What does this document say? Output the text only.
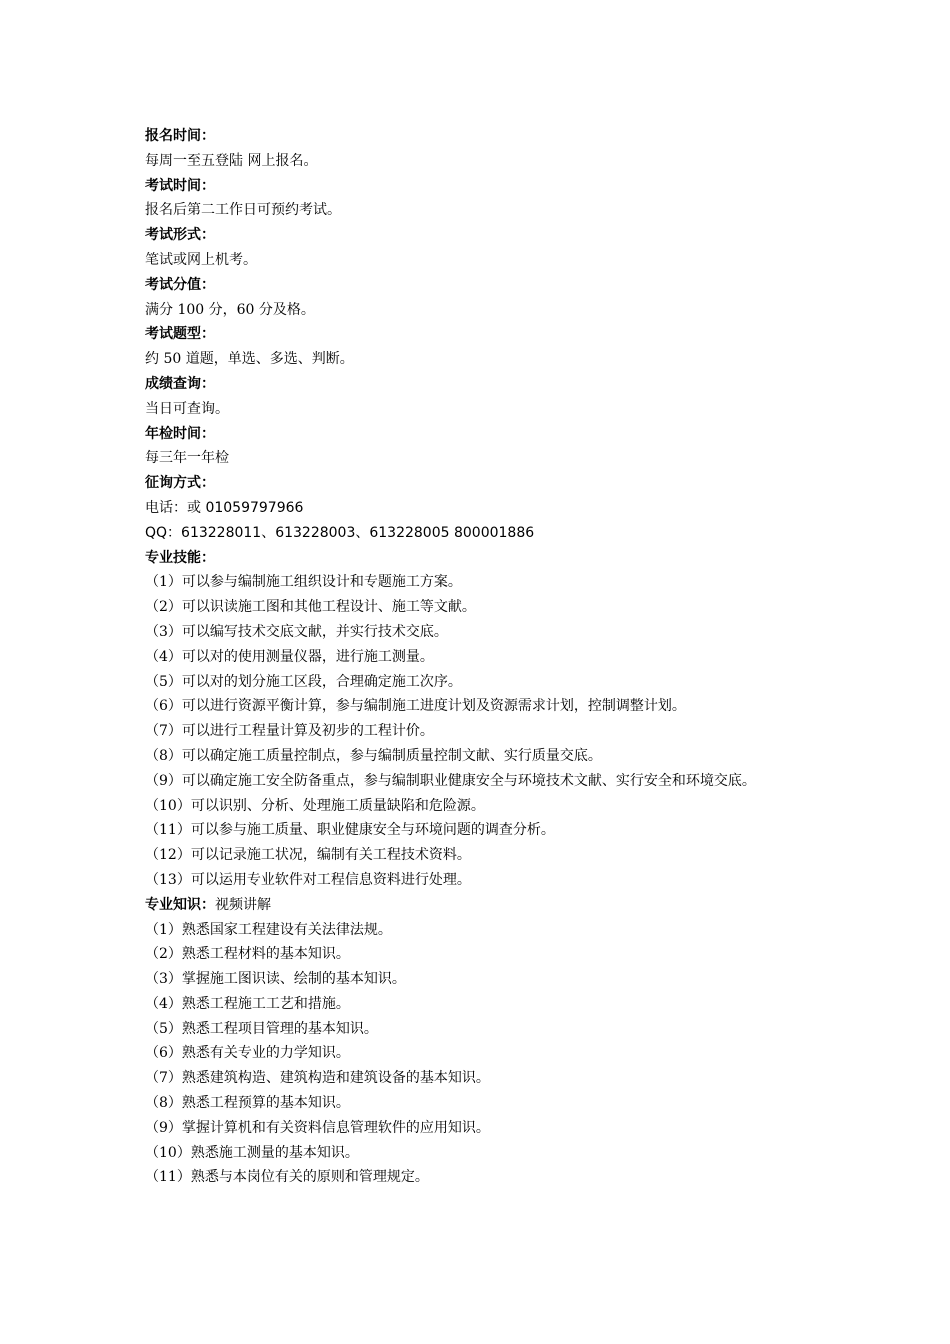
报名时间：
每周一至五登陆 网上报名。
考试时间：
报名后第二工作日可预约考试。
考试形式：
笔试或网上机考。
考试分值：
满分 100 分，60 分及格。
考试题型：
约 50 道题，单选、多选、判断。
成绩查询：
当日可查询。
年检时间：
每三年一年检
征询方式：
电话：或 01059797966
QQ：613228011、613228003、613228005 800001886
专业技能：
（1）可以参与编制施工组织设计和专题施工方案。
（2）可以识读施工图和其他工程设计、施工等文献。
（3）可以编写技术交底文献，并实行技术交底。
（4）可以对的使用测量仪器，进行施工测量。
（5）可以对的划分施工区段，合理确定施工次序。
（6）可以进行资源平衡计算，参与编制施工进度计划及资源需求计划，控制调整计划。
（7）可以进行工程量计算及初步的工程计价。
（8）可以确定施工质量控制点，参与编制质量控制文献、实行质量交底。
（9）可以确定施工安全防备重点，参与编制职业健康安全与环境技术文献、实行安全和环境交底。
（10）可以识别、分析、处理施工质量缺陷和危险源。
（11）可以参与施工质量、职业健康安全与环境问题的调查分析。
（12）可以记录施工状况，编制有关工程技术资料。
（13）可以运用专业软件对工程信息资料进行处理。
专业知识：视频讲解
（1）熟悉国家工程建设有关法律法规。
（2）熟悉工程材料的基本知识。
（3）掌握施工图识读、绘制的基本知识。
（4）熟悉工程施工工艺和措施。
（5）熟悉工程项目管理的基本知识。
（6）熟悉有关专业的力学知识。
（7）熟悉建筑构造、建筑构造和建筑设备的基本知识。
（8）熟悉工程预算的基本知识。
（9）掌握计算机和有关资料信息管理软件的应用知识。
（10）熟悉施工测量的基本知识。
（11）熟悉与本岗位有关的原则和管理规定。
